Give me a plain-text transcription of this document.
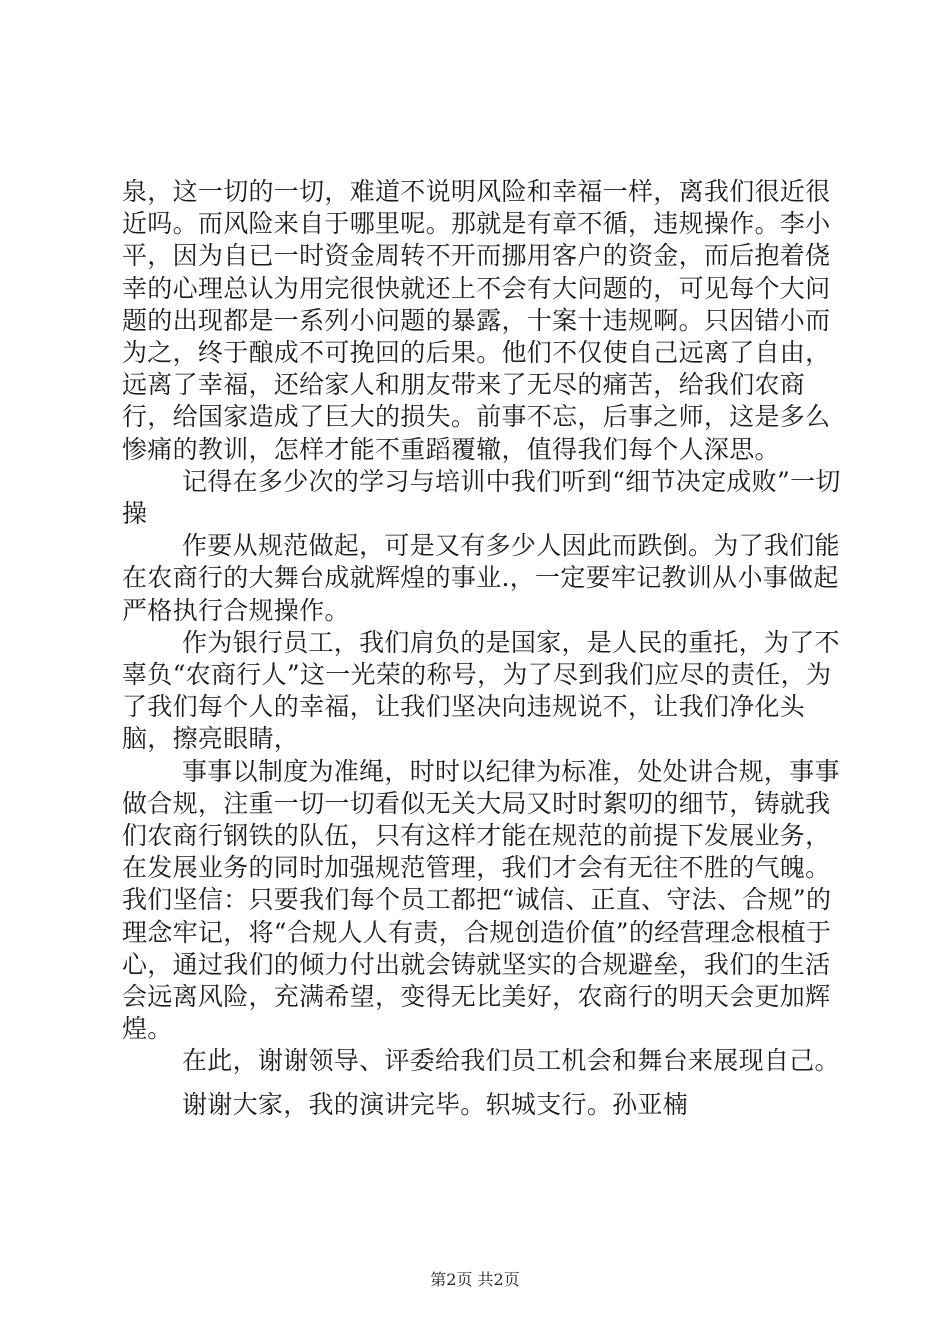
泉，这一切的一切，难道不说明风险和幸福一样，离我们很近很近吗。而风险来自于哪里呢。那就是有章不循，违规操作。李小平，因为自已一时资金周转不开而挪用客户的资金，而后抱着侥幸的心理总认为用完很快就还上不会有大问题的，可见每个大问题的出现都是一系列小问题的暴露，十案十违规啊。只因错小而为之，终于酿成不可挽回的后果。他们不仅使自己远离了自由，远离了幸福，还给家人和朋友带来了无尽的痛苦，给我们农商行，给国家造成了巨大的损失。前事不忘，后事之师，这是多么惨痛的教训，怎样才能不重蹈覆辙，值得我们每个人深思。

记得在多少次的学习与培训中我们听到“细节决定成败”一切操

作要从规范做起，可是又有多少人因此而跌倒。为了我们能在农商行的大舞台成就辉煌的事业.，一定要牢记教训从小事做起严格执行合规操作。

作为银行员工，我们肩负的是国家，是人民的重托，为了不辜负“农商行人”这一光荣的称号，为了尽到我们应尽的责任，为了我们每个人的幸福，让我们坚决向违规说不，让我们净化头脑，擦亮眼睛，

事事以制度为准绳，时时以纪律为标准，处处讲合规，事事做合规，注重一切一切看似无关大局又时时絮叨的细节，铸就我们农商行钢铁的队伍，只有这样才能在规范的前提下发展业务，在发展业务的同时加强规范管理，我们才会有无往不胜的气魄。我们坚信：只要我们每个员工都把“诚信、正直、守法、合规”的理念牢记，将“合规人人有责，合规创造价值”的经营理念根植于心，通过我们的倾力付出就会铸就坚实的合规避垒，我们的生活会远离风险，充满希望，变得无比美好，农商行的明天会更加辉煌。

在此，谢谢领导、评委给我们员工机会和舞台来展现自己。

谢谢大家，我的演讲完毕。轵城支行。孙亚楠
第2页 共2页
